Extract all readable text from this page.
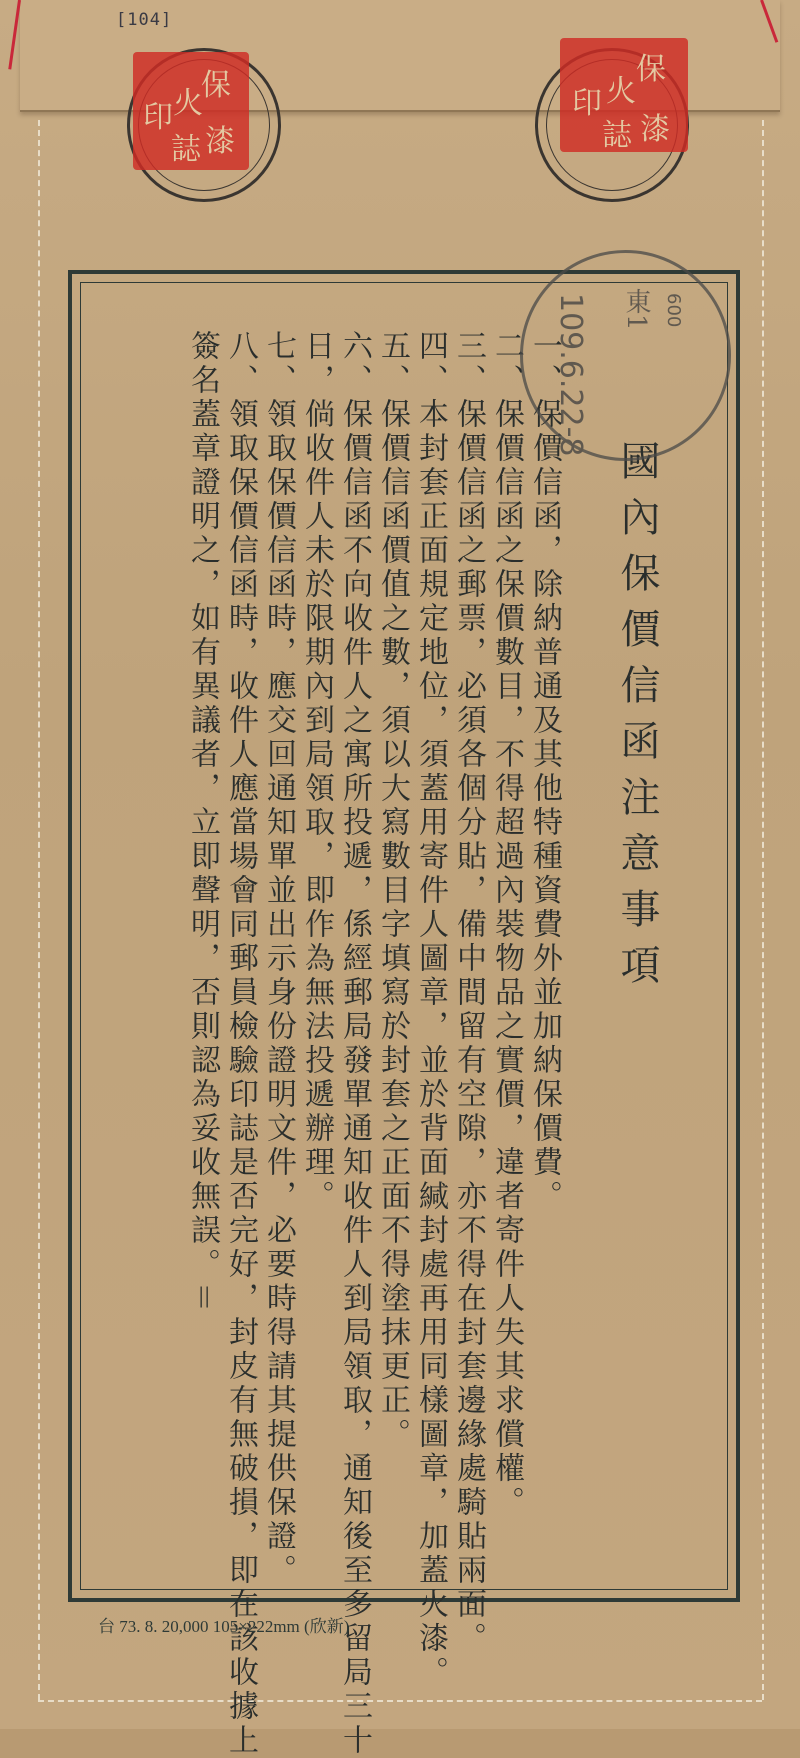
[104]
保
火
印
漆
誌
保
火
印
漆
誌
國內保價信函注意事項
一、保價信函，除納普通及其他特種資費外並加納保價費。
二、保價信函之保價數目，不得超過內裝物品之實價，違者寄件人失其求償權。
三、保價信函之郵票，必須各個分貼，備中間留有空隙，亦不得在封套邊緣處騎貼兩面。
四、本封套正面規定地位，須蓋用寄件人圖章，並於背面緘封處再用同樣圖章，加蓋火漆。
五、保價信函價值之數，須以大寫數目字填寫於封套之正面不得塗抹更正。
六、保價信函不向收件人之寓所投遞，係經郵局發單通知收件人到局領取，通知後至多留局三十
日，倘收件人未於限期內到局領取，即作為無法投遞辦理。
七、領取保價信函時，應交回通知單並出示身份證明文件，必要時得請其提供保證。
八、領取保價信函時，收件人應當場會同郵員檢驗印誌是否完好，封皮有無破損，即在該收據上
簽名蓋章證明之，如有異議者，立即聲明，否則認為妥收無誤。＝	109.6.22-8 東1 600
台 73. 8. 20,000 105×222mm (欣新)
